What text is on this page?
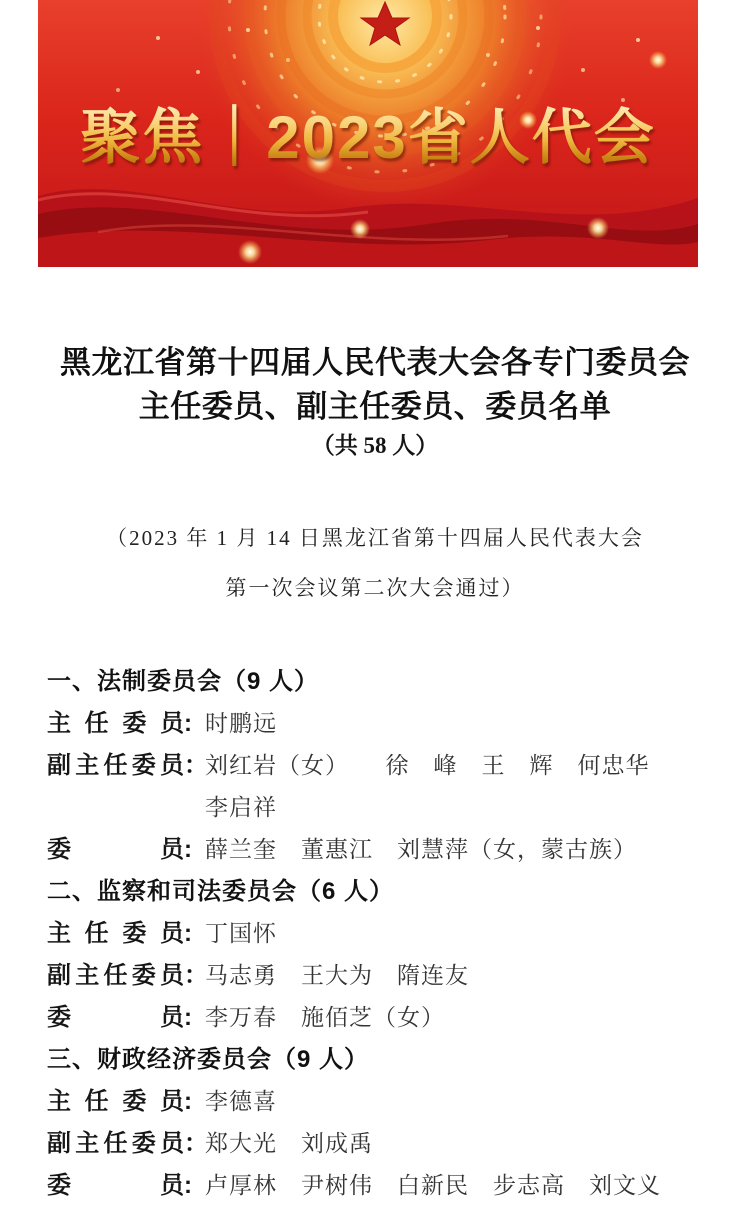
聚焦｜2023省人代会
黑龙江省第十四届人民代表大会各专门委员会
主任委员、副主任委员、委员名单
（共 58 人）
（2023 年 1 月 14 日黑龙江省第十四届人民代表大会
第一次会议第二次大会通过）
一、法制委员会（9 人）
主任委员: 时鹏远
副主任委员：
刘红岩（女）　　徐　峰　王　辉　何忠华
李启祥
委员: 薛兰奎　董惠江　刘慧萍（女，蒙古族）
二、监察和司法委员会（6 人）
主任委员: 丁国怀
副主任委员：
马志勇　王大为　隋连友
委员: 李万春　施佰芝（女）
三、财政经济委员会（9 人）
主任委员: 李德喜
副主任委员：
郑大光　刘成禹
委员: 卢厚林　尹树伟　白新民　步志高　刘文义
